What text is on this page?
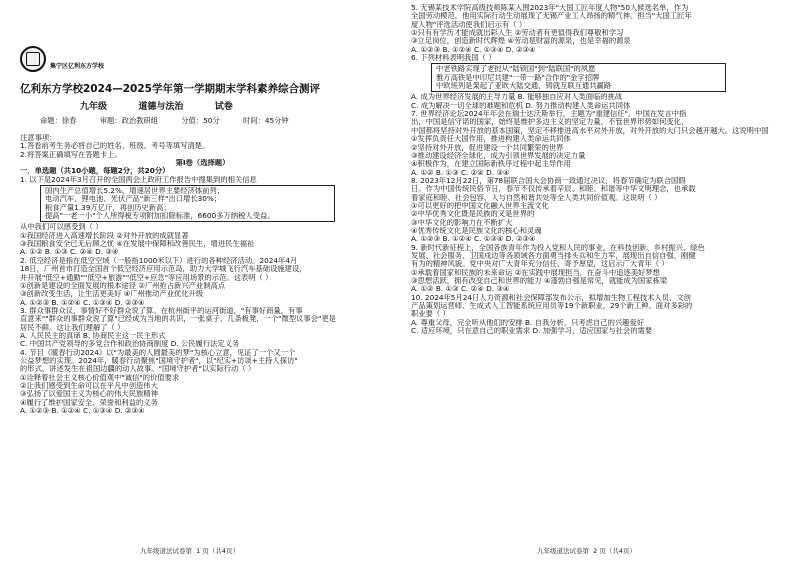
集宁区亿利东方学校
亿利东方学校2024—2025学年第一学期期末学科素养综合测评
九年级	道德与法治	试卷
命题：徐春	审题：政治教研组	分值：50分	时间：45分钟
注意事项：
1.答卷前考生务必将自己的姓名、班级、考号等填写清楚。
2.将答案正确填写在答题卡上。
第Ⅰ卷（选择题）
一．单选题（共10小题，每题2分，共20分）
1. 以下是2024年3月召开的全国两会上政府工作报告中搜集到的相关信息
国内生产总值增长5.2%，增速居世界主要经济体前列；
电动汽车、锂电池、光伏产品"新三样"出口增长30%；
粮食产量1.39万亿斤，再创历史新高；
提高"一老一小"个人所得税专项附加扣除标准，6600多万纳税人受益。
从中我们可以感受到（ ）
①我国经济进入高速增长阶段 ②对外开放的成就显著
③我国粮食安全已无后顾之忧 ④在发展中保障和改善民生，增进民生福祉
A. ①② B. ①③ C. ②④ D. ③④
2. 低空经济是指在低空空域（一般指1000米以下）进行的各种经济活动。2024年4月
18日，广州首市打造全国首个低空经济应用示范岛，助力大学城飞行汽车基础设施建设，
并开展"低空+通勤""低空+旅游""低空+应急"等应用场景的示范。这表明（ ）
①创新是建设的全面发展的根本途径 ②广州抢占新兴产业制高点
③创新改变生活，让生活更美好 ④广州推动产业优化升级
A. ①②③ B. ①②④ C. ①③④ D. ②③④
3. 群众事群众议，事情好不好群众说了算。在杭州街平的运河街道，"有事好商量，有事
直意来""群众的事群众说了算"已经成为当地的共识，一张桌子、几条板凳，一个"微型议事会"更是
居民不鲜。这让我们理解了（ ）
A. 人民民主的真谛 B. 协商民主这一民主形式
C. 中国共产党领导的多党合作和政治协商制度 D. 公民履行法定义务
4. 节目《暖春行动2024》以"为最美的人圆最美的梦"为核心立意，见证了一个又一个
公益梦想的实现。2024年，暖春行动聚焦"国境守护者"，以"纪实+访谈+主持人探访"
的形式，讲述发生在祖国边疆的动人故事。"国境守护者"以实际行动（ ）
①诠释着社会主义核心价值观中"诚信"的价值要求
②让我们感受到生命可以在平凡中创造伟大
③弘扬了以爱国主义为核心的伟大民族精神
④履行了维护国家安全、荣誉和利益的义务
A. ①②③ B. ①②④ C. ①③④ D. ②③④
九年级道法试卷第  1 页（共4页）
5. 无锡某技术学院高级技师陈某入围2023年"大国工匠年度人物"50人候选名单，作为
全国劳动模范，他用实际行动生动展现了无锡产业工人昂扬的精气神。担当"大国工匠年
度人物"评选活动使我们启示有（ ）
①只有有学历才能成就出彩人生 ②劳动者有更值得我们尊敬和学习
③立足岗位，创造新时代辉煌 ④劳动是财富的源泉，也是幸福的源泉
A. ①②③ B. ①②④ C. ①③④ D. ②③④
6. 下列材料表明我国（ ）
中老铁路实现了老挝从"陆锁国"到"陆联国"的夙愿
雅万高铁是中印尼共建"一带一路"合作的"金字招牌
中欧班列是架起了亚欧大陆交通，铸就互联互通共赢路
A. 成为世界经济发展的主导力量 B. 能够独自应对人类面临的挑战
C. 成为解决一切全球的难题和危机 D. 努力推动构建人类命运共同体
7. 世界经济论坛2024年年会在瑞士达沃斯举行，主题为"重建信任"。中国在发言中指
出，中国是信守诺的国家，始终是维护多边主义的坚定力量，不管世界形势如何变化，
中国都将坚持对外开放的基本国策，坚定不移推进高水平对外开放，对外开放的大门只会越开越大。这说明中国
①发挥负责任大国作用，推进构建人类命运共同体
②坚持对外开放，促进建设一个共同繁荣的世界
③推动建设经济全球化，成为引领世界发展的决定力量
④积极作为，在建立国际新秩序过程中起主导作用
A. ①② B. ①③ C. ②④ D. ③④
8. 2023年12月22日，第78届联合国大会协商一致通过决议，将春节确定为联合国假
日。作为中国传统民俗节日，春节不仅传承着辛辰、和睦、和谐等中华文明理念，也承载
着家庭和睦、社会包容、人与自然和谐共处等全人类共同价值观。这说明（ ）
①可以更好的把中国文化融入世界主流文化
②中华优秀文化既是民族的又是世界的
③中华文化的影响力在不断扩大
④优秀传统文化是民族文化的核心和灵魂
A. ①②③ B. ①②④ C. ①③④ D. ②③④
9. 新时代新征程上，全国各族青年作为投入党和人民的事业，在科技创新、乡村振兴、绿色
发展、社会服务、卫国戍边等各领域各方面勇当排头兵和生力军，展现出自信自强、刚健
有为的精神风貌。党中央对广大青年充分信任、寄予厚望，这启示广大青年（ ）
①承载着国家和民族的未来命运 ②在实践中展现担当，在奋斗中追逐美好梦想
③思想活跃，拥有改变自己和世界的能力 ④蓬勃自强是常见，就能成为国家栋梁
A. ①② B. ①③ C. ②④ D. ③④
10. 2024年5月24日人力资源和社会保障部发布公示，拟增加生物工程技术人员、文创
产品策划运营师、生成式人工智能系统应用员等19个新职业，29个新工种。面对多彩的
职业要（ ）
A. 尊重父母，完全听从他们的安排 B. 自我分析，只考虑自己的兴趣爱好
C. 适应环境，只在意自己的职业需求 D. 加强学习，适应国家与社会的需要
九年级道法试卷第  2 页（共4页）
